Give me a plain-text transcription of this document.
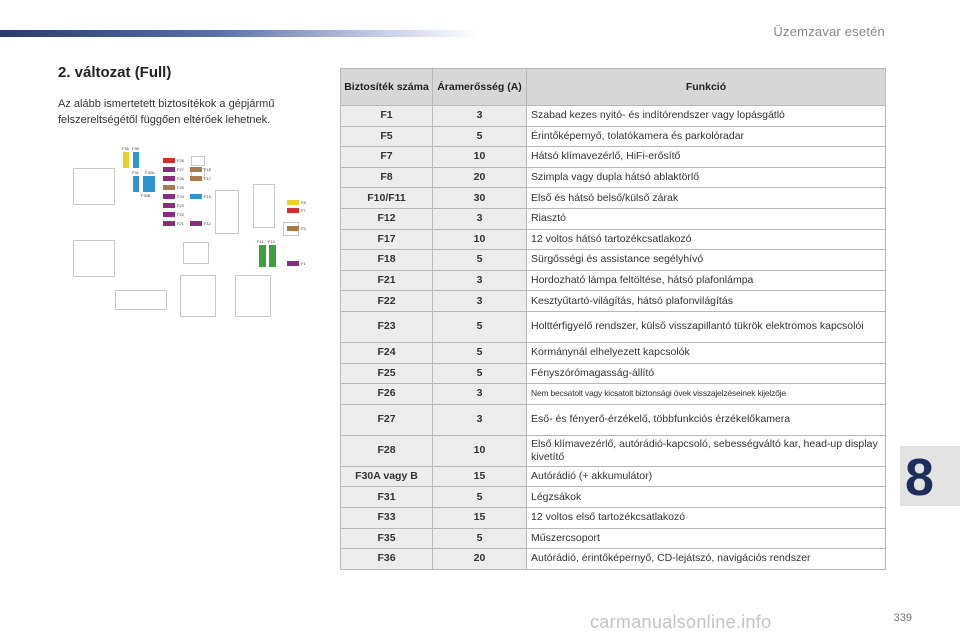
Üzemzavar esetén
2. változat (Full)
Az alább ismertetett biztosítékok a gépjármű felszereltségétől függően eltérőek lehetnek.
F36 F35
F31 F30A
F30B
F28
F27
F26
F25
F24
F23
F22
F21
F18
F17
F15
F12
F11 F10
F8
F7
F5
F1
Biztosíték száma	Áramerősség (A)	Funkció
F1	3	Szabad kezes nyitó- és indítórendszer vagy lopásgátló
F5	5	Érintőképernyő, tolatókamera és parkolóradar
F7	10	Hátsó klímavezérlő, HiFi-erősítő
F8	20	Szimpla vagy dupla hátsó ablaktörlő
F10/F11	30	Első és hátsó belső/külső zárak
F12	3	Riasztó
F17	10	12 voltos hátsó tartozékcsatlakozó
F18	5	Sürgősségi és assistance segélyhívó
F21	3	Hordozható lámpa feltöltése, hátsó plafonlámpa
F22	3	Kesztyűtartó-világítás, hátsó plafonvilágítás
F23	5	Holttérfigyelő rendszer, külső visszapillantó tükrök elektromos kapcsolói
F24	5	Kormánynál elhelyezett kapcsolók
F25	5	Fényszórómagasság-állító
F26	3	Nem becsatolt vagy kicsatolt biztonsági övek visszajelzéseinek kijelzője
F27	3	Eső- és fényerő-érzékelő, többfunkciós érzékelőkamera
F28	10	Első klímavezérlő, autórádió-kapcsoló, sebességváltó kar, head-up display kivetítő
F30A vagy B	15	Autórádió (+ akkumulátor)
F31	5	Légzsákok
F33	15	12 voltos első tartozékcsatlakozó
F35	5	Műszercsoport
F36	20	Autórádió, érintőképernyő, CD-lejátszó, navigációs rendszer
8
carmanualsonline.info	339
